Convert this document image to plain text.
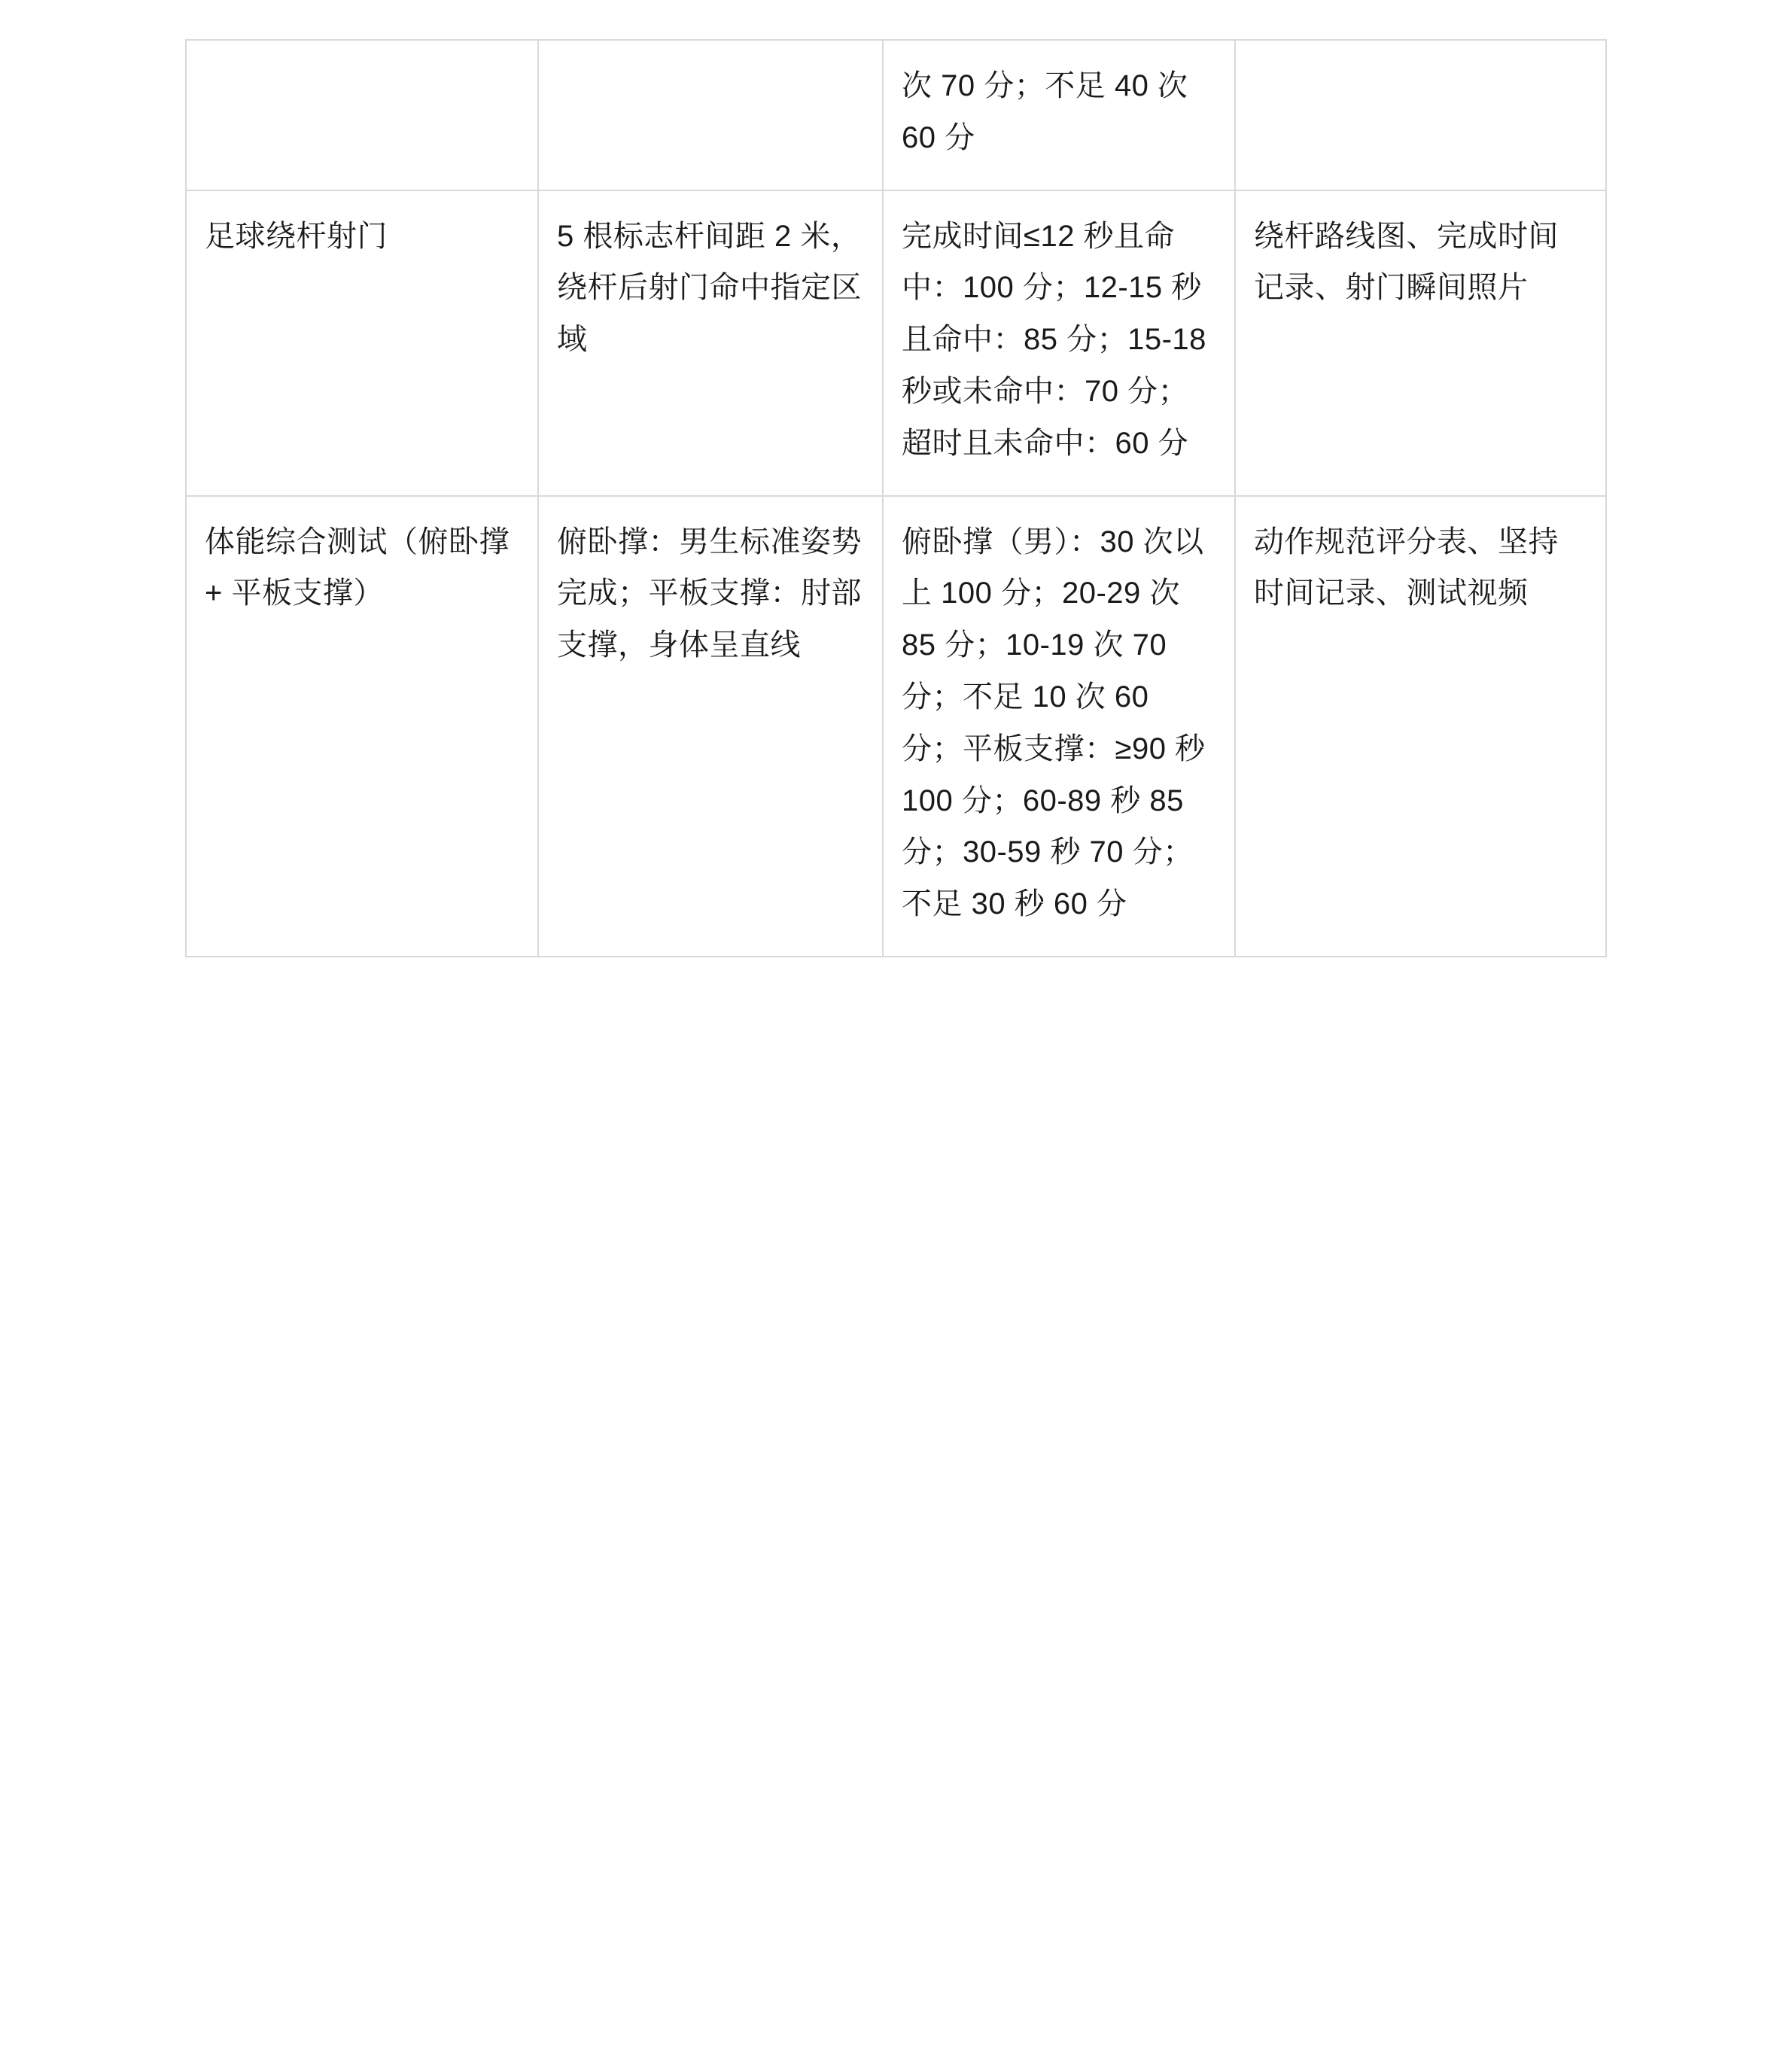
		次 70 分；不足 40 次 60 分	

足球绕杆射门	5 根标志杆间距 2 米，绕杆后射门命中指定区域	完成时间≤12 秒且命中：100 分；12-15 秒且命中：85 分；15-18 秒或未命中：70 分；超时且未命中：60 分	绕杆路线图、完成时间记录、射门瞬间照片

体能综合测试（俯卧撑 + 平板支撑）	俯卧撑：男生标准姿势完成；平板支撑：肘部支撑，身体呈直线	俯卧撑（男）：30 次以上 100 分；20-29 次 85 分；10-19 次 70 分；不足 10 次 60 分；平板支撑：≥90 秒 100 分；60-89 秒 85 分；30-59 秒 70 分；不足 30 秒 60 分	动作规范评分表、坚持时间记录、测试视频
